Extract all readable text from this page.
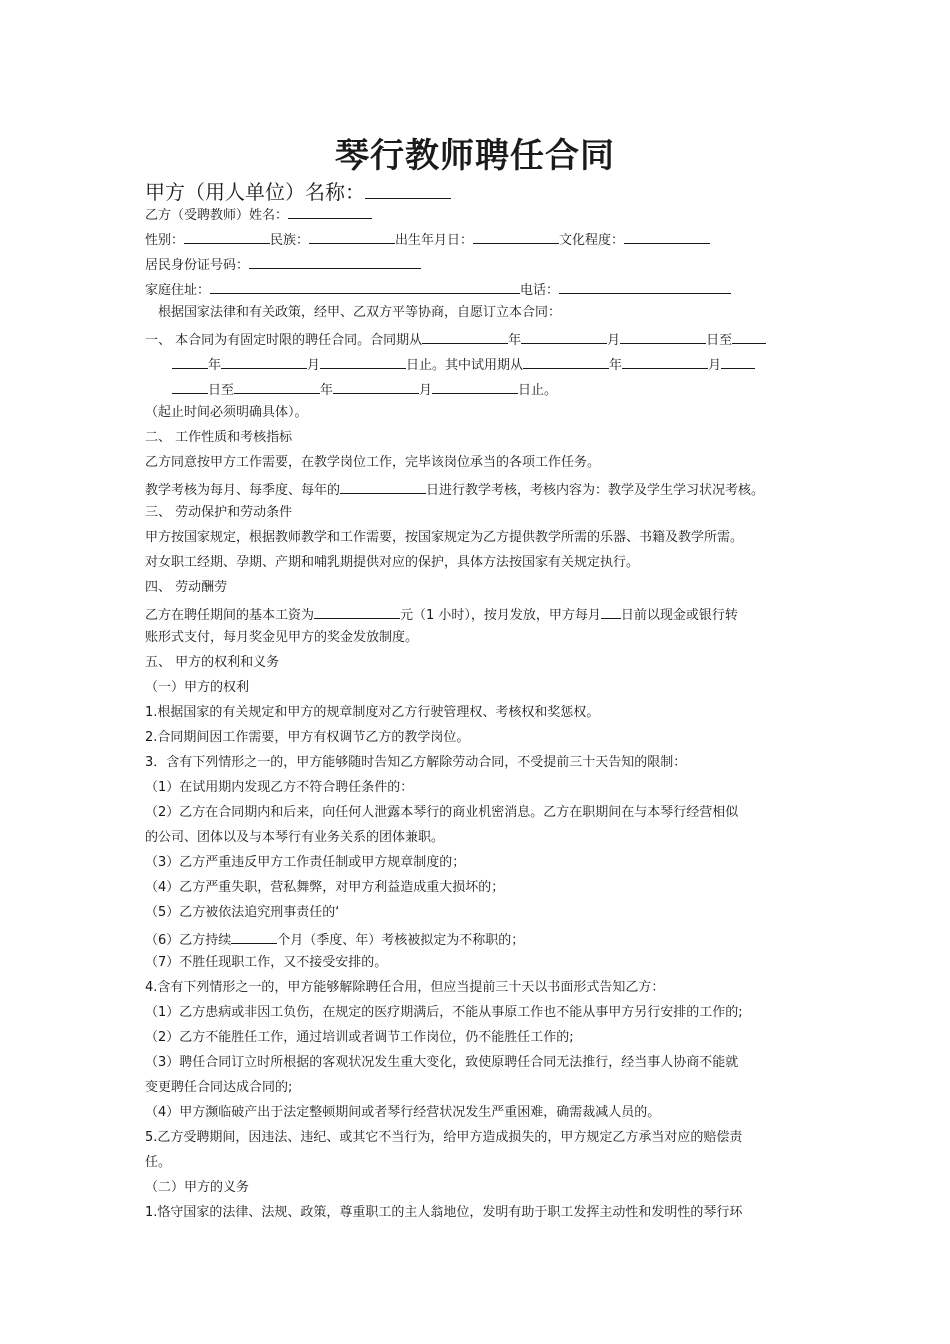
琴行教师聘任合同
甲方（用人单位）名称：
乙方（受聘教师）姓名：
性别：	民族：	出生年月日：	文化程度：
居民身份证号码：
家庭住址：	电话：
根据国家法律和有关政策，经甲、乙双方平等协商，自愿订立本合同：
一、 本合同为有固定时限的聘任合同。合同期从	年	月	日至
年	月	日止。其中试用期从	年	月
日至	年	月	日止。
（起止时间必须明确具体）。
二、 工作性质和考核指标
乙方同意按甲方工作需要，在教学岗位工作，完毕该岗位承当的各项工作任务。
教学考核为每月、每季度、每年的	日进行教学考核，考核内容为：教学及学生学习状况考核。
三、 劳动保护和劳动条件
甲方按国家规定，根据教师教学和工作需要，按国家规定为乙方提供教学所需的乐器、书籍及教学所需。
对女职工经期、孕期、产期和哺乳期提供对应的保护，具体方法按国家有关规定执行。
四、 劳动酬劳
乙方在聘任期间的基本工资为	元（1 小时），按月发放，甲方每月 日前以现金或银行转
账形式支付，每月奖金见甲方的奖金发放制度。
五、 甲方的权利和义务
（一）甲方的权利
1.根据国家的有关规定和甲方的规章制度对乙方行驶管理权、考核权和奖惩权。
2.合同期间因工作需要，甲方有权调节乙方的教学岗位。
3．含有下列情形之一的，甲方能够随时告知乙方解除劳动合同，不受提前三十天告知的限制：
（1）在试用期内发现乙方不符合聘任条件的：
（2）乙方在合同期内和后来，向任何人泄露本琴行的商业机密消息。乙方在职期间在与本琴行经营相似
的公司、团体以及与本琴行有业务关系的团体兼职。
（3）乙方严重违反甲方工作责任制或甲方规章制度的；
（4）乙方严重失职，营私舞弊，对甲方利益造成重大损坏的；
（5）乙方被依法追究刑事责任的‘
（6）乙方持续	个月（季度、年）考核被拟定为不称职的；
（7）不胜任现职工作，又不接受安排的。
4.含有下列情形之一的，甲方能够解除聘任合用，但应当提前三十天以书面形式告知乙方：
（1）乙方患病或非因工负伤，在规定的医疗期满后，不能从事原工作也不能从事甲方另行安排的工作的;
（2）乙方不能胜任工作，通过培训或者调节工作岗位，仍不能胜任工作的;
（3）聘任合同订立时所根据的客观状况发生重大变化，致使原聘任合同无法推行，经当事人协商不能就
变更聘任合同达成合同的;
（4）甲方濒临破产出于法定整顿期间或者琴行经营状况发生严重困难，确需裁减人员的。
5.乙方受聘期间，因违法、违纪、或其它不当行为，给甲方造成损失的，甲方规定乙方承当对应的赔偿责
任。
（二）甲方的义务
1.恪守国家的法律、法规、政策，尊重职工的主人翁地位，发明有助于职工发挥主动性和发明性的琴行环
